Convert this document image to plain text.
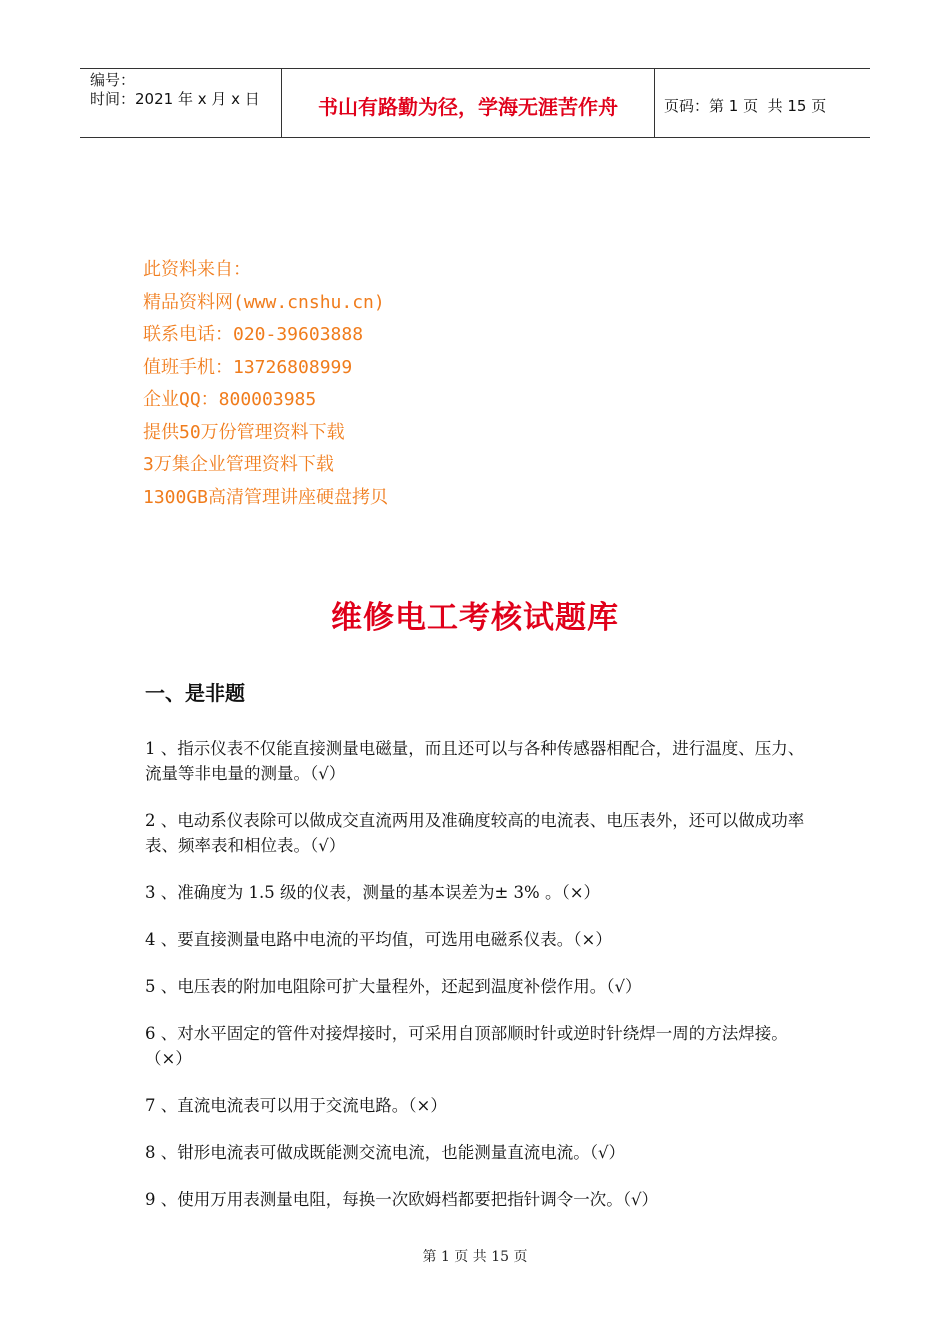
编号：
时间：2021 年 x 月 x 日	书山有路勤为径，学海无涯苦作舟	页码：第 1 页  共 15 页
此资料来自：
精品资料网(www.cnshu.cn)
联系电话：020-39603888
值班手机：13726808999
企业QQ：800003985
提供50万份管理资料下载
3万集企业管理资料下载
1300GB高清管理讲座硬盘拷贝
维修电工考核试题库
一、是非题

1 、指示仪表不仅能直接测量电磁量，而且还可以与各种传感器相配合，进行温度、压力、流量等非电量的测量。（√）

2 、电动系仪表除可以做成交直流两用及准确度较高的电流表、电压表外，还可以做成功率表、频率表和相位表。（√）

3 、准确度为 1.5 级的仪表，测量的基本误差为± 3% 。（×）

4 、要直接测量电路中电流的平均值，可选用电磁系仪表。（×）

5 、电压表的附加电阻除可扩大量程外，还起到温度补偿作用。（√）

6 、对水平固定的管件对接焊接时，可采用自顶部顺时针或逆时针绕焊一周的方法焊接。（×）

7 、直流电流表可以用于交流电路。（×）

8 、钳形电流表可做成既能测交流电流，也能测量直流电流。（√）

9 、使用万用表测量电阻，每换一次欧姆档都要把指针调令一次。（√）

第 1 页 共 15 页
